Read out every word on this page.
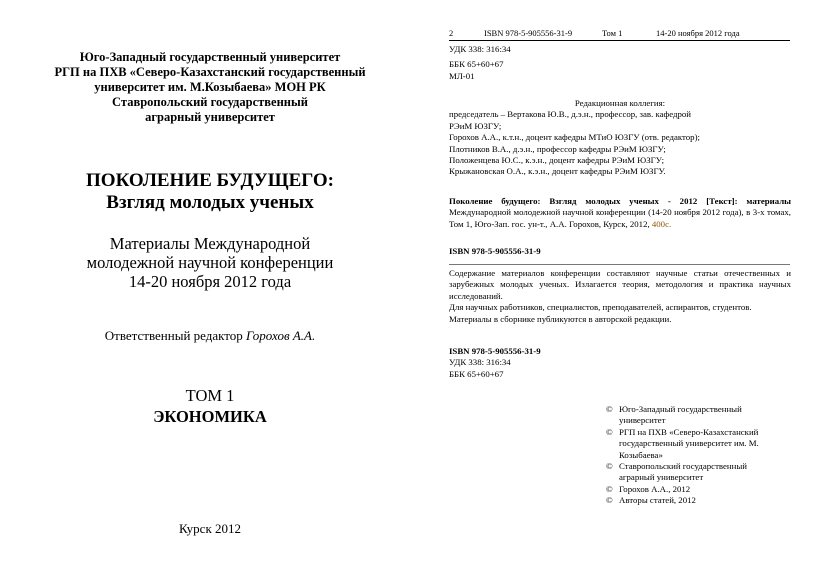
Юго-Западный государственный университет
РГП на ПХВ «Северо-Казахстанский государственный
университет им. М.Козыбаева» МОН РК
Ставропольский государственный
аграрный университет
ПОКОЛЕНИЕ БУДУЩЕГО:
Взгляд молодых ученых
Материалы Международной
молодежной научной конференции
14-20 ноября 2012 года
Ответственный редактор Горохов А.А.
ТОМ 1
ЭКОНОМИКА
Курск 2012
2	ISBN 978-5-905556-31-9	Том 1	14-20 ноября 2012 года

УДК 338: 316:34
ББК 65+60+67
МЛ-01
Редакционная коллегия:
председатель – Вертакова Ю.В., д.э.н., профессор, зав. кафедрой
РЭиМ ЮЗГУ;
Горохов А.А., к.т.н., доцент кафедры МТиО ЮЗГУ (отв. редактор);
Плотников В.А., д.э.н., профессор кафедры РЭиМ ЮЗГУ;
Положенцева Ю.С., к.э.н., доцент кафедры РЭиМ ЮЗГУ;
Крыжановская О.А., к.э.н., доцент кафедры РЭиМ ЮЗГУ.
Поколение будущего: Взгляд молодых ученых - 2012 [Текст]: материалы Международной молодежной научной конференции (14-20 ноября 2012 года), в 3-х томах, Том 1, Юго-Зап. гос. ун-т., А.А. Горохов, Курск, 2012, 400с.
ISBN 978-5-905556-31-9
Содержание материалов конференции составляют научные статьи отечественных и зарубежных молодых ученых. Излагается теория, методология и практика научных исследований.
Для научных работников, специалистов, преподавателей, аспирантов, студентов.
Материалы в сборнике публикуются в авторской редакции.
ISBN 978-5-905556-31-9
УДК 338: 316:34
ББК 65+60+67
© Юго-Западный государственный университет
© РГП на ПХВ «Северо-Казахстанский государственный университет им. М. Козыбаева»
© Ставропольский государственный аграрный университет
© Горохов А.А., 2012
© Авторы статей, 2012
